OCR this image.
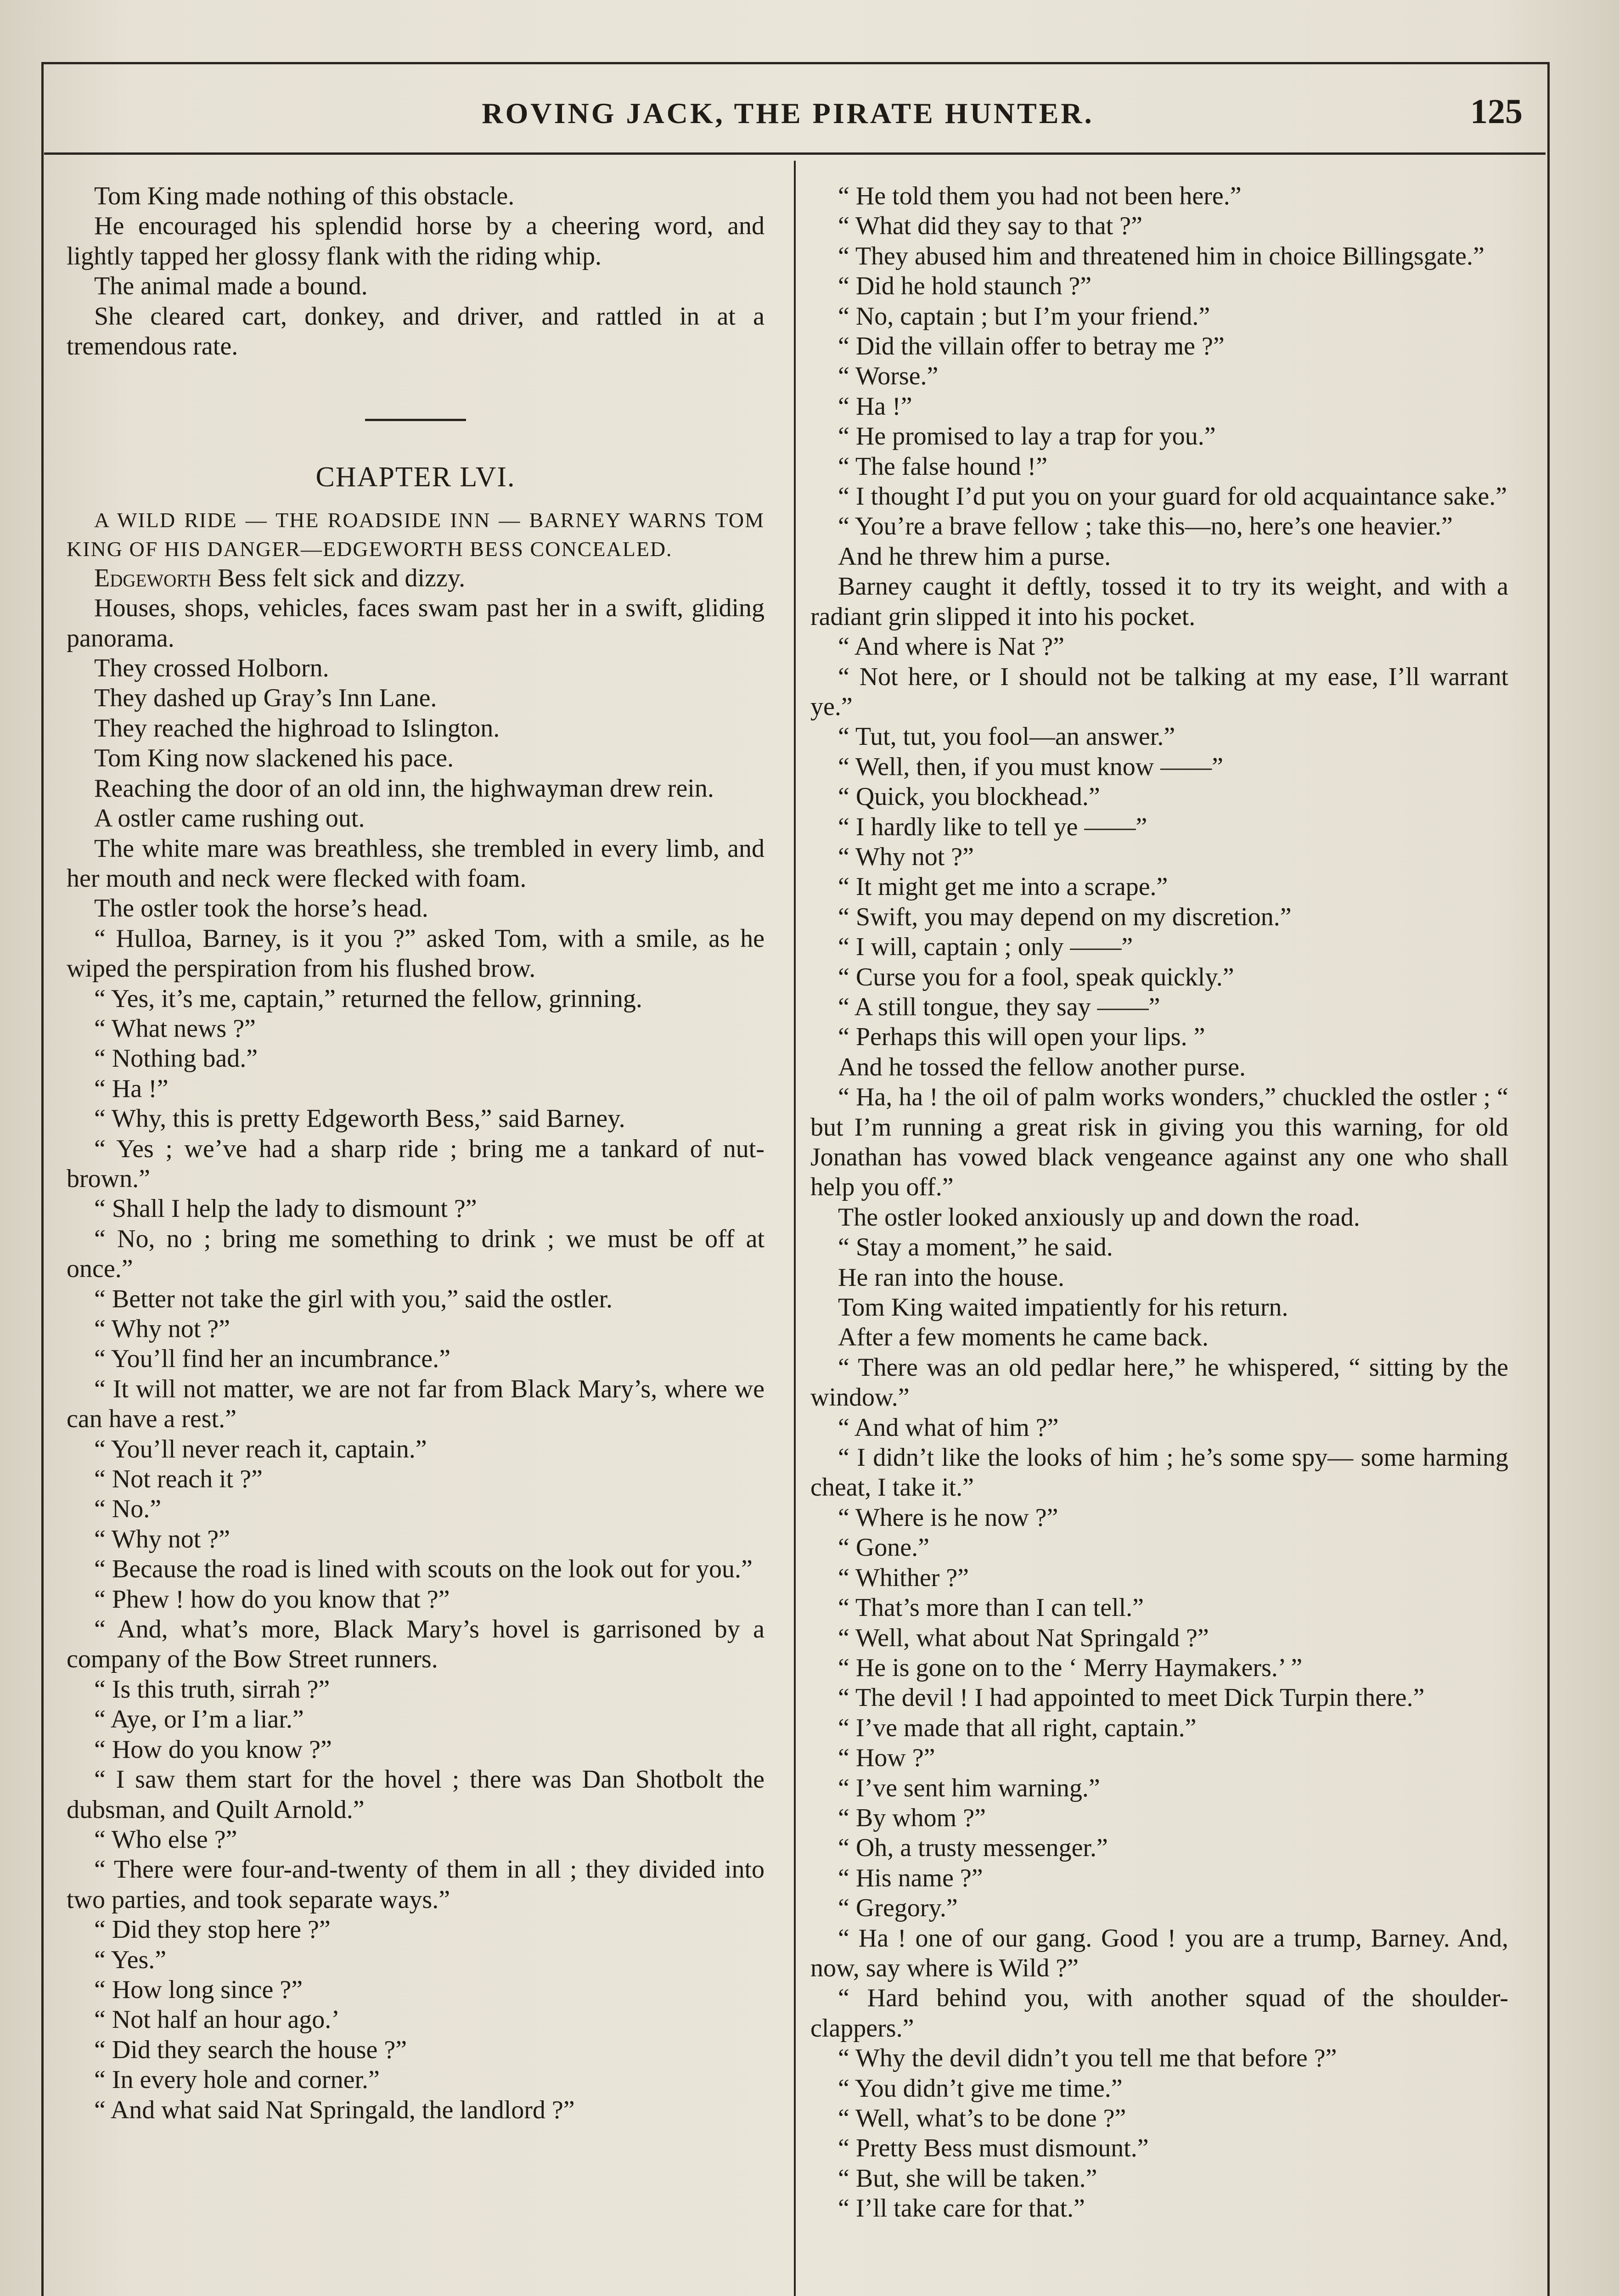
ROVING JACK, THE PIRATE HUNTER.	125

Tom King made nothing of this obstacle.

He encouraged his splendid horse by a cheering word, and lightly tapped her glossy flank with the riding whip.

The animal made a bound.

She cleared cart, donkey, and driver, and rattled in at a tremendous rate.

CHAPTER LVI.

A WILD RIDE — THE ROADSIDE INN — BARNEY WARNS TOM KING OF HIS DANGER—EDGEWORTH BESS CONCEALED.

Edgeworth Bess felt sick and dizzy.

Houses, shops, vehicles, faces swam past her in a swift, gliding panorama.

They crossed Holborn.

They dashed up Gray’s Inn Lane.

They reached the highroad to Islington.

Tom King now slackened his pace.

Reaching the door of an old inn, the highwayman drew rein.

A ostler came rushing out.

The white mare was breathless, she trembled in every limb, and her mouth and neck were flecked with foam.

The ostler took the horse’s head.

“ Hulloa, Barney, is it you ?” asked Tom, with a smile, as he wiped the perspiration from his flushed brow.

“ Yes, it’s me, captain,” returned the fellow, grinning.

“ What news ?”

“ Nothing bad.”

“ Ha !”

“ Why, this is pretty Edgeworth Bess,” said Barney.

“ Yes ; we’ve had a sharp ride ; bring me a tankard of nut-brown.”

“ Shall I help the lady to dismount ?”

“ No, no ; bring me something to drink ; we must be off at once.”

“ Better not take the girl with you,” said the ostler.

“ Why not ?”

“ You’ll find her an incumbrance.”

“ It will not matter, we are not far from Black Mary’s, where we can have a rest.”

“ You’ll never reach it, captain.”

“ Not reach it ?”

“ No.”

“ Why not ?”

“ Because the road is lined with scouts on the look out for you.”

“ Phew ! how do you know that ?”

“ And, what’s more, Black Mary’s hovel is garrisoned by a company of the Bow Street runners.

“ Is this truth, sirrah ?”

“ Aye, or I’m a liar.”

“ How do you know ?”

“ I saw them start for the hovel ; there was Dan Shotbolt the dubsman, and Quilt Arnold.”

“ Who else ?”

“ There were four-and-twenty of them in all ; they divided into two parties, and took separate ways.”

“ Did they stop here ?”

“ Yes.”

“ How long since ?”

“ Not half an hour ago.’

“ Did they search the house ?”

“ In every hole and corner.”

“ And what said Nat Springald, the landlord ?”

“ He told them you had not been here.”

“ What did they say to that ?”

“ They abused him and threatened him in choice Billingsgate.”

“ Did he hold staunch ?”

“ No, captain ; but I’m your friend.”

“ Did the villain offer to betray me ?”

“ Worse.”

“ Ha !”

“ He promised to lay a trap for you.”

“ The false hound !”

“ I thought I’d put you on your guard for old acquaintance sake.”

“ You’re a brave fellow ; take this—no, here’s one heavier.”

And he threw him a purse.

Barney caught it deftly, tossed it to try its weight, and with a radiant grin slipped it into his pocket.

“ And where is Nat ?”

“ Not here, or I should not be talking at my ease, I’ll warrant ye.”

“ Tut, tut, you fool—an answer.”

“ Well, then, if you must know ——”

“ Quick, you blockhead.”

“ I hardly like to tell ye ——”

“ Why not ?”

“ It might get me into a scrape.”

“ Swift, you may depend on my discretion.”

“ I will, captain ; only ——”

“ Curse you for a fool, speak quickly.”

“ A still tongue, they say ——”

“ Perhaps this will open your lips. ”

And he tossed the fellow another purse.

“ Ha, ha ! the oil of palm works wonders,” chuckled the ostler ; “ but I’m running a great risk in giving you this warning, for old Jonathan has vowed black vengeance against any one who shall help you off.”

The ostler looked anxiously up and down the road.

“ Stay a moment,” he said.

He ran into the house.

Tom King waited impatiently for his return.

After a few moments he came back.

“ There was an old pedlar here,” he whispered, “ sitting by the window.”

“ And what of him ?”

“ I didn’t like the looks of him ; he’s some spy— some harming cheat, I take it.”

“ Where is he now ?”

“ Gone.”

“ Whither ?”

“ That’s more than I can tell.”

“ Well, what about Nat Springald ?”

“ He is gone on to the ‘ Merry Haymakers.’ ”

“ The devil ! I had appointed to meet Dick Turpin there.”

“ I’ve made that all right, captain.”

“ How ?”

“ I’ve sent him warning.”

“ By whom ?”

“ Oh, a trusty messenger.”

“ His name ?”

“ Gregory.”

“ Ha ! one of our gang. Good ! you are a trump, Barney. And, now, say where is Wild ?”

“ Hard behind you, with another squad of the shoulder-clappers.”

“ Why the devil didn’t you tell me that before ?”

“ You didn’t give me time.”

“ Well, what’s to be done ?”

“ Pretty Bess must dismount.”

“ But, she will be taken.”

“ I’ll take care for that.”
